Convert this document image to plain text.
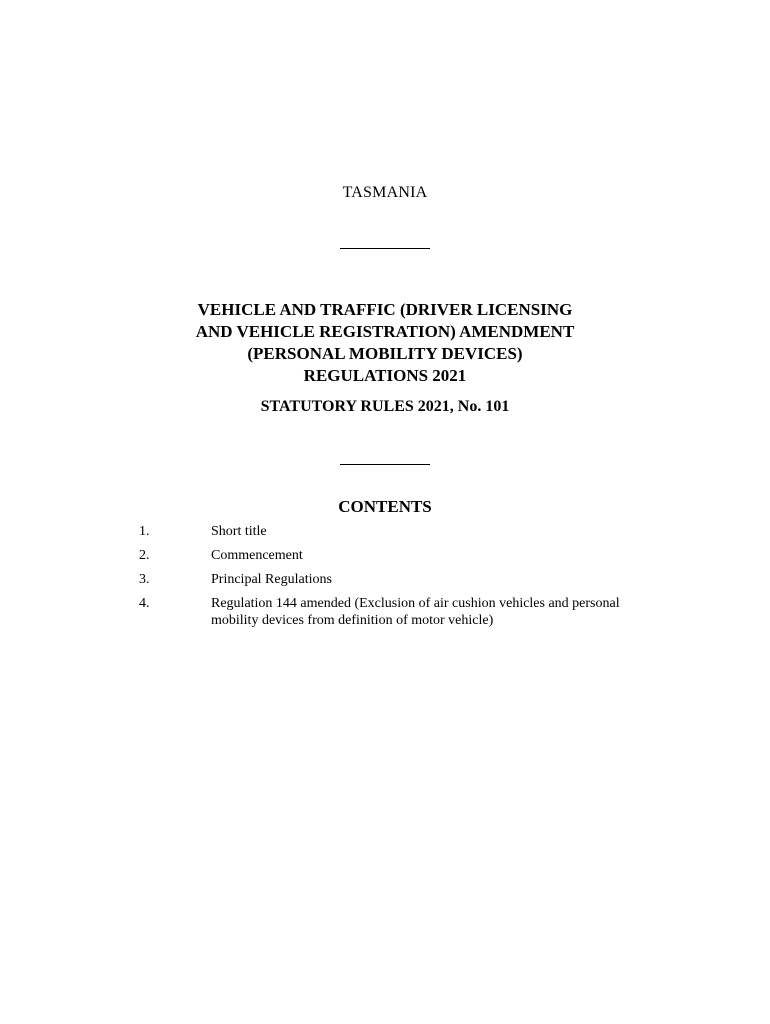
TASMANIA
VEHICLE AND TRAFFIC (DRIVER LICENSING
AND VEHICLE REGISTRATION) AMENDMENT
(PERSONAL MOBILITY DEVICES)
REGULATIONS 2021
STATUTORY RULES 2021, No. 101
CONTENTS
1.	Short title
2.	Commencement
3.	Principal Regulations
4.	Regulation 144 amended (Exclusion of air cushion vehicles and personal mobility devices from definition of motor vehicle)
